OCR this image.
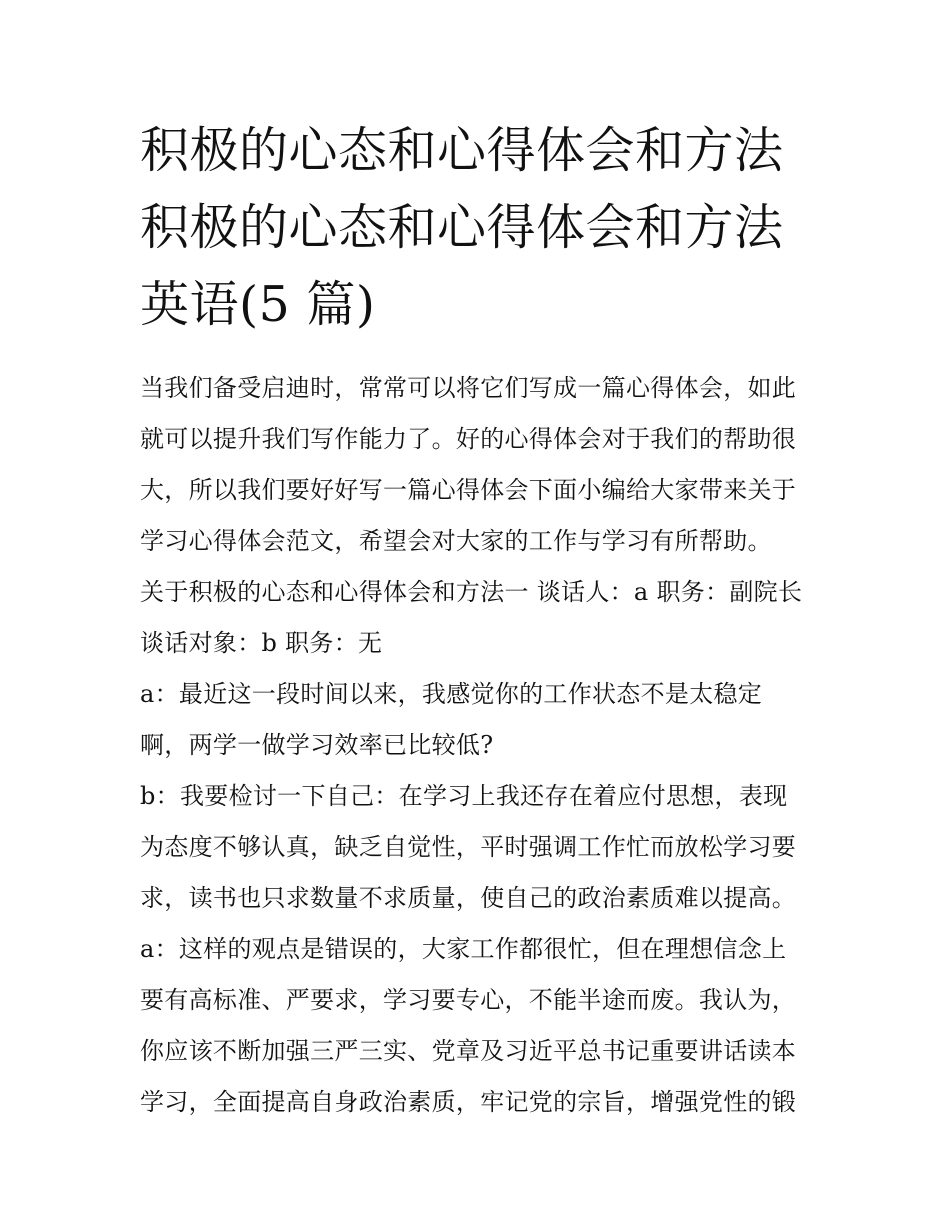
积极的心态和心得体会和方法
积极的心态和心得体会和方法
英语(5 篇)
当我们备受启迪时，常常可以将它们写成一篇心得体会，如此
就可以提升我们写作能力了。好的心得体会对于我们的帮助很
大，所以我们要好好写一篇心得体会下面小编给大家带来关于
学习心得体会范文，希望会对大家的工作与学习有所帮助。
关于积极的心态和心得体会和方法一 谈话人：a 职务：副院长
谈话对象：b 职务：无
a：最近这一段时间以来，我感觉你的工作状态不是太稳定
啊，两学一做学习效率已比较低?
b：我要检讨一下自己：在学习上我还存在着应付思想，表现
为态度不够认真，缺乏自觉性，平时强调工作忙而放松学习要
求，读书也只求数量不求质量，使自己的政治素质难以提高。
a：这样的观点是错误的，大家工作都很忙，但在理想信念上
要有高标准、严要求，学习要专心，不能半途而废。我认为，
你应该不断加强三严三实、党章及习近平总书记重要讲话读本
学习，全面提高自身政治素质，牢记党的宗旨，增强党性的锻
